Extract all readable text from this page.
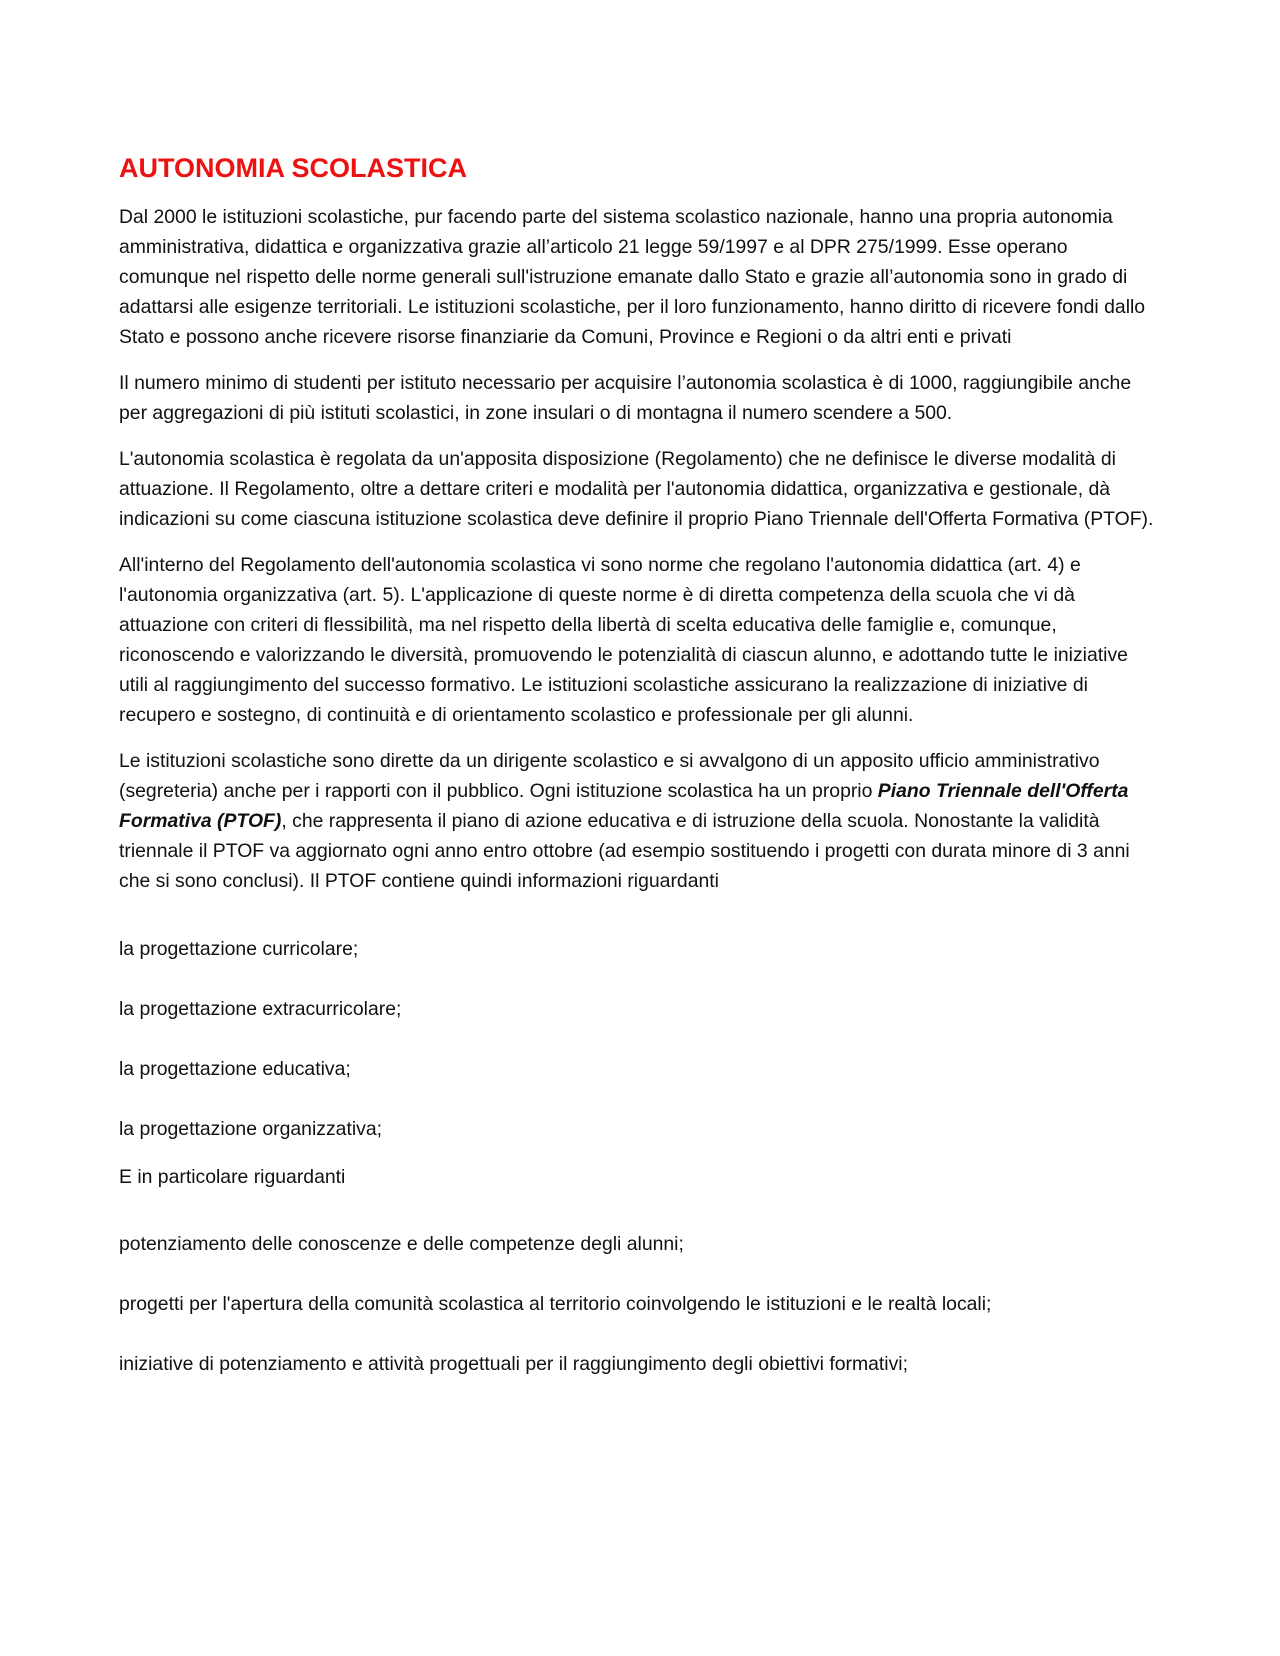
AUTONOMIA SCOLASTICA

Dal 2000 le istituzioni scolastiche, pur facendo parte del sistema scolastico nazionale, hanno una propria autonomia amministrativa, didattica e organizzativa grazie all’articolo 21 legge 59/1997 e al DPR 275/1999. Esse operano comunque nel rispetto delle norme generali sull'istruzione emanate dallo Stato e grazie all’autonomia sono in grado di adattarsi alle esigenze territoriali. Le istituzioni scolastiche, per il loro funzionamento, hanno diritto di ricevere fondi dallo Stato e possono anche ricevere risorse finanziarie da Comuni, Province e Regioni o da altri enti e privati

Il numero minimo di studenti per istituto necessario per acquisire l’autonomia scolastica è di 1000, raggiungibile anche per aggregazioni di più istituti scolastici, in zone insulari o di montagna il numero scendere a 500.

L'autonomia scolastica è regolata da un'apposita disposizione (Regolamento) che ne definisce le diverse modalità di attuazione. Il Regolamento, oltre a dettare criteri e modalità per l'autonomia didattica, organizzativa e gestionale, dà indicazioni su come ciascuna istituzione scolastica deve definire il proprio Piano Triennale dell'Offerta Formativa (PTOF).

All'interno del Regolamento dell'autonomia scolastica vi sono norme che regolano l'autonomia didattica (art. 4) e l'autonomia organizzativa (art. 5). L'applicazione di queste norme è di diretta competenza della scuola che vi dà attuazione con criteri di flessibilità, ma nel rispetto della libertà di scelta educativa delle famiglie e, comunque, riconoscendo e valorizzando le diversità, promuovendo le potenzialità di ciascun alunno, e adottando tutte le iniziative utili al raggiungimento del successo formativo. Le istituzioni scolastiche assicurano la realizzazione di iniziative di recupero e sostegno, di continuità e di orientamento scolastico e professionale per gli alunni.

Le istituzioni scolastiche sono dirette da un dirigente scolastico e si avvalgono di un apposito ufficio amministrativo (segreteria) anche per i rapporti con il pubblico. Ogni istituzione scolastica ha un proprio Piano Triennale dell'Offerta Formativa (PTOF), che rappresenta il piano di azione educativa e di istruzione della scuola. Nonostante la validità triennale il PTOF va aggiornato ogni anno entro ottobre (ad esempio sostituendo i progetti con durata minore di 3 anni che si sono conclusi). Il PTOF contiene quindi informazioni riguardanti

la progettazione curricolare;

la progettazione extracurricolare;

la progettazione educativa;

la progettazione organizzativa;

E in particolare riguardanti

potenziamento delle conoscenze e delle competenze degli alunni;

progetti per l'apertura della comunità scolastica al territorio coinvolgendo le istituzioni e le realtà locali;

iniziative di potenziamento e attività progettuali per il raggiungimento degli obiettivi formativi;
